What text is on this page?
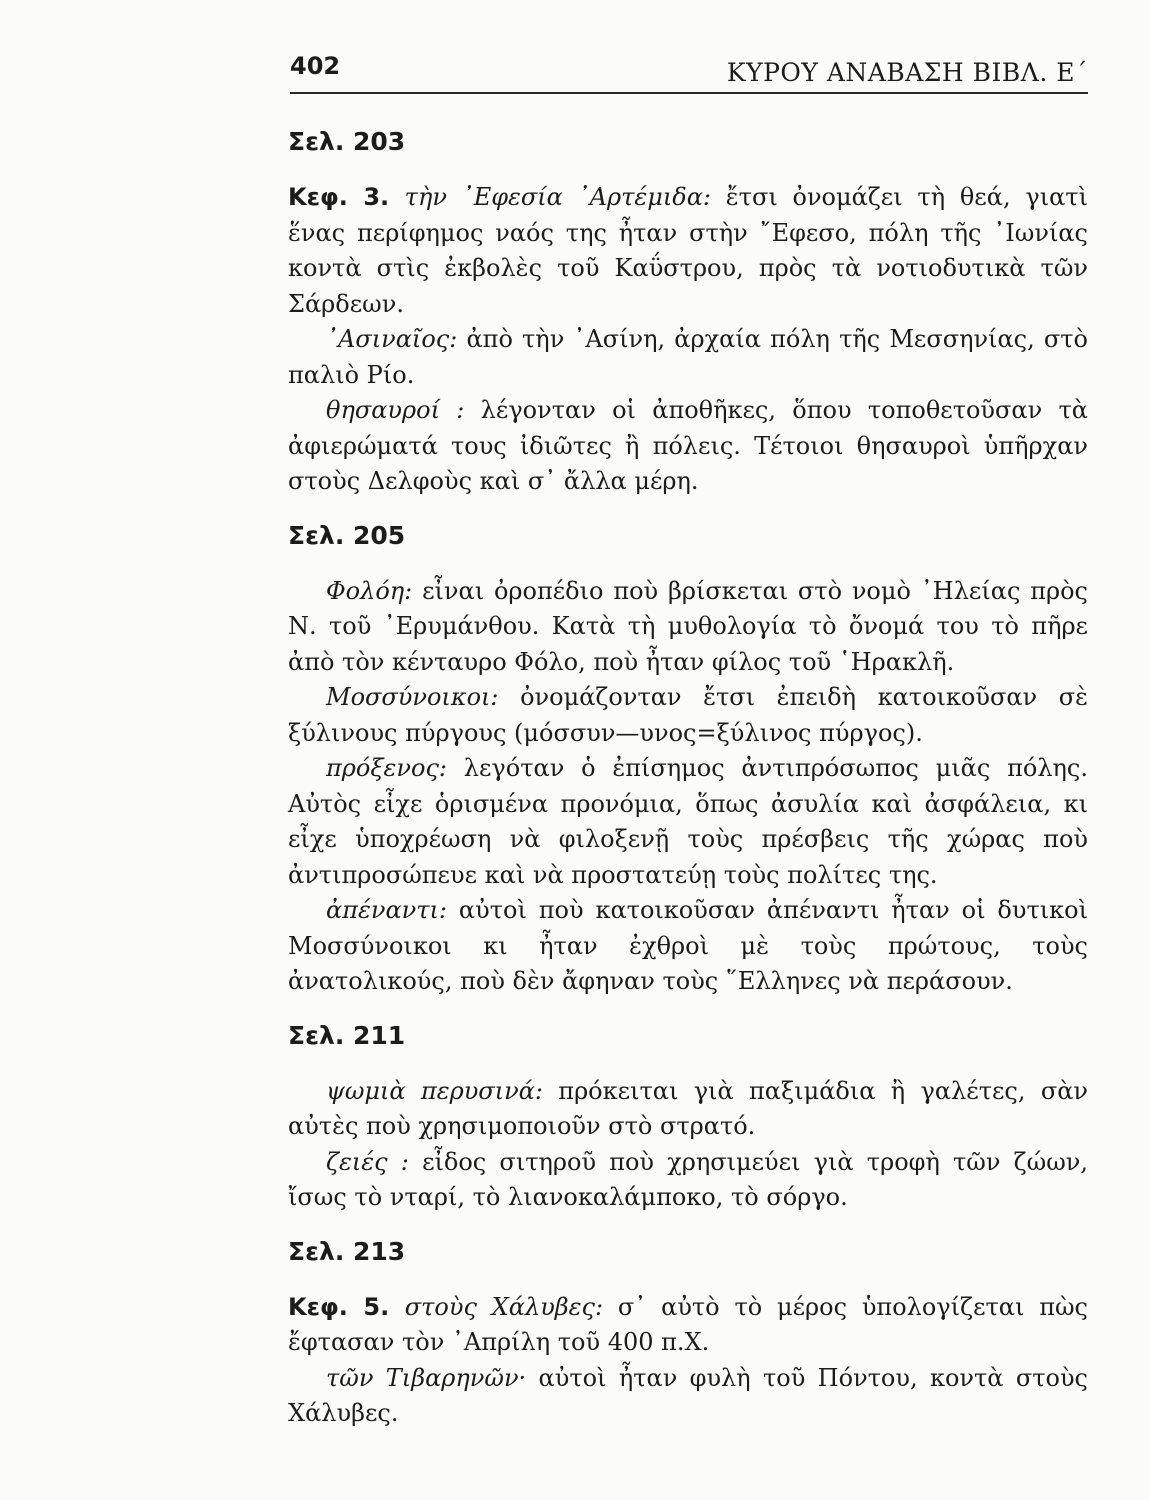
402	ΚΥΡΟΥ ΑΝΑΒΑΣΗ ΒΙΒΛ. Ε΄
Σελ. 203

Κεφ. 3. τὴν ᾿Εφεσία ᾿Αρτέμιδα: ἔτσι ὀνομάζει τὴ θεά, γιατὶ ἕνας περίφημος ναός της ἦταν στὴν ῎Εφεσο, πόλη τῆς ᾿Ιωνίας κοντὰ στὶς ἐκβολὲς τοῦ Καΰστρου, πρὸς τὰ νοτιοδυτικὰ τῶν Σάρδεων.

᾿Ασιναῖος: ἀπὸ τὴν ᾿Ασίνη, ἀρχαία πόλη τῆς Μεσσηνίας, στὸ παλιὸ Ρίο.

θησαυροί : λέγονταν οἱ ἀποθῆκες, ὅπου τοποθετοῦσαν τὰ ἀφιερώματά τους ἰδιῶτες ἢ πόλεις. Τέτοιοι θησαυροὶ ὑπῆρχαν στοὺς Δελφοὺς καὶ σ᾿ ἄλλα μέρη.

Σελ. 205

Φολόη: εἶναι ὀροπέδιο ποὺ βρίσκεται στὸ νομὸ ᾿Ηλείας πρὸς Ν. τοῦ ᾿Ερυμάνθου. Κατὰ τὴ μυθολογία τὸ ὄνομά του τὸ πῆρε ἀπὸ τὸν κένταυρο Φόλο, ποὺ ἦταν φίλος τοῦ ῾Ηρακλῆ.

Μοσσύνοικοι: ὀνομάζονταν ἔτσι ἐπειδὴ κατοικοῦσαν σὲ ξύλινους πύργους (μόσσυν—υνος=ξύλινος πύργος).

πρόξενος: λεγόταν ὁ ἐπίσημος ἀντιπρόσωπος μιᾶς πόλης. Αὐτὸς εἶχε ὁρισμένα προνόμια, ὅπως ἀσυλία καὶ ἀσφάλεια, κι εἶχε ὑποχρέωση νὰ φιλοξενῇ τοὺς πρέσβεις τῆς χώρας ποὺ ἀντιπροσώπευε καὶ νὰ προστατεύῃ τοὺς πολίτες της.

ἀπέναντι: αὐτοὶ ποὺ κατοικοῦσαν ἀπέναντι ἦταν οἱ δυτικοὶ Μοσσύνοικοι κι ἦταν ἐχθροὶ μὲ τοὺς πρώτους, τοὺς ἀνατολικούς, ποὺ δὲν ἄφηναν τοὺς ῞Ελληνες νὰ περάσουν.

Σελ. 211

ψωμιὰ περυσινά: πρόκειται γιὰ παξιμάδια ἢ γαλέτες, σὰν αὐτὲς ποὺ χρησιμοποιοῦν στὸ στρατό.

ζειές : εἶδος σιτηροῦ ποὺ χρησιμεύει γιὰ τροφὴ τῶν ζώων, ἴσως τὸ νταρί, τὸ λιανοκαλάμποκο, τὸ σόργο.

Σελ. 213

Κεφ. 5. στοὺς Χάλυβες: σ᾿ αὐτὸ τὸ μέρος ὑπολογίζεται πὼς ἔφτασαν τὸν ᾿Απρίλη τοῦ 400 π.Χ.

τῶν Τιβαρηνῶν· αὐτοὶ ἦταν φυλὴ τοῦ Πόντου, κοντὰ στοὺς Χάλυβες.
